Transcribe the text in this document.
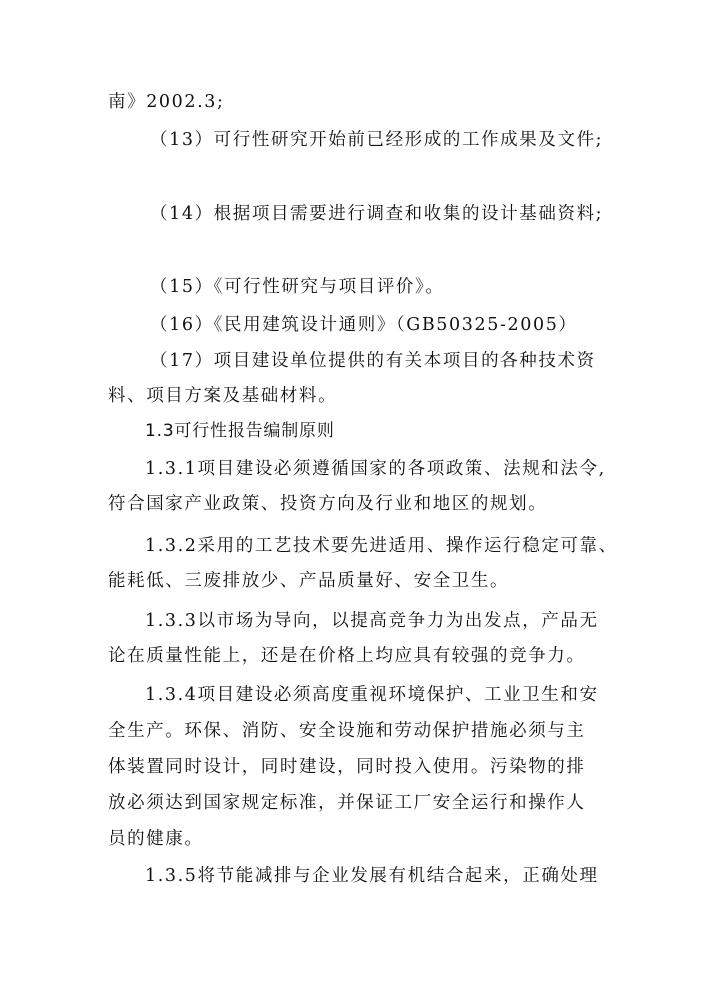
南》2002.3;
（13）可行性研究开始前已经形成的工作成果及文件;
（14）根据项目需要进行调查和收集的设计基础资料;
（15）《可行性研究与项目评价》。
（16）《民用建筑设计通则》（GB50325-2005）
（17）项目建设单位提供的有关本项目的各种技术资
料、项目方案及基础材料。
1.3可行性报告编制原则
1.3.1项目建设必须遵循国家的各项政策、法规和法令,
符合国家产业政策、投资方向及行业和地区的规划。
1.3.2采用的工艺技术要先进适用、操作运行稳定可靠、
能耗低、三废排放少、产品质量好、安全卫生。
1.3.3以市场为导向，以提高竞争力为出发点，产品无
论在质量性能上，还是在价格上均应具有较强的竞争力。
1.3.4项目建设必须高度重视环境保护、工业卫生和安
全生产。环保、消防、安全设施和劳动保护措施必须与主
体装置同时设计，同时建设，同时投入使用。污染物的排
放必须达到国家规定标准，并保证工厂安全运行和操作人
员的健康。
1.3.5将节能减排与企业发展有机结合起来，正确处理
